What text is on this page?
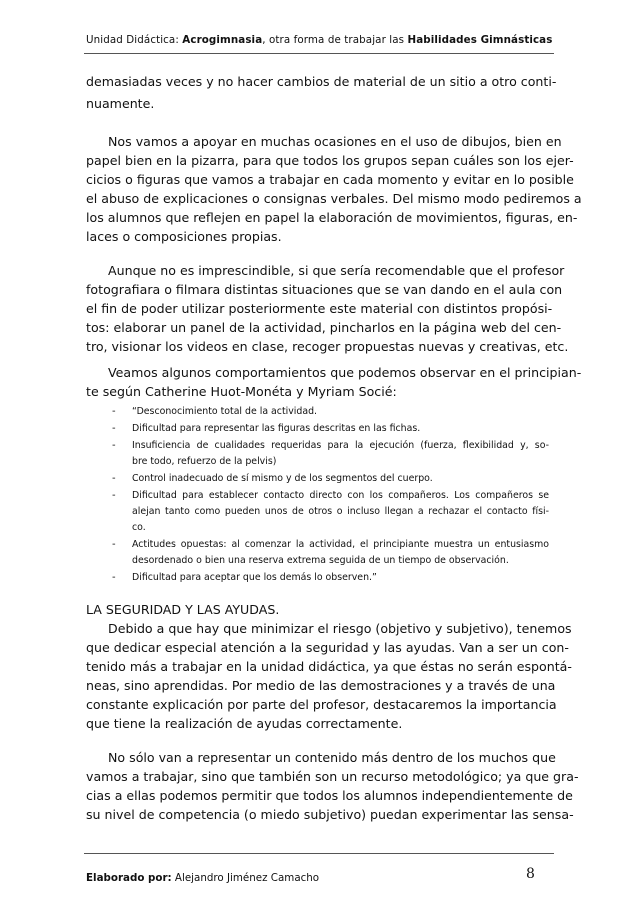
Unidad Didáctica: Acrogimnasia, otra forma de trabajar las Habilidades Gimnásticas
demasiadas veces y no hacer cambios de material de un sitio a otro conti-
nuamente.
Nos vamos a apoyar en muchas ocasiones en el uso de dibujos, bien en
papel bien en la pizarra, para que todos los grupos sepan cuáles son los ejer-
cicios o figuras que vamos a trabajar en cada momento y evitar en lo posible
el abuso de explicaciones o consignas verbales. Del mismo modo pediremos a
los alumnos que reflejen en papel la elaboración de movimientos, figuras, en-
laces o composiciones propias.
Aunque no es imprescindible, si que sería recomendable que el profesor
fotografiara o filmara distintas situaciones que se van dando en el aula con
el fin de poder utilizar posteriormente este material con distintos propósi-
tos: elaborar un panel de la actividad, pincharlos en la página web del cen-
tro, visionar los videos en clase, recoger propuestas nuevas y creativas, etc.
Veamos algunos comportamientos que podemos observar en el principian-
te según Catherine Huot-Monéta y Myriam Socié:
- “Desconocimiento total de la actividad.
- Dificultad para representar las figuras descritas en las fichas.
- Insuficiencia de cualidades requeridas para la ejecución (fuerza, flexibilidad y, so-
bre todo, refuerzo de la pelvis)
- Control inadecuado de sí mismo y de los segmentos del cuerpo.
- Dificultad para establecer contacto directo con los compañeros. Los compañeros se
alejan tanto como pueden unos de otros o incluso llegan a rechazar el contacto físi-
co.
- Actitudes opuestas: al comenzar la actividad, el principiante muestra un entusiasmo
desordenado o bien una reserva extrema seguida de un tiempo de observación.
- Dificultad para aceptar que los demás lo observen.”
LA SEGURIDAD Y LAS AYUDAS.
Debido a que hay que minimizar el riesgo (objetivo y subjetivo), tenemos
que dedicar especial atención a la seguridad y las ayudas. Van a ser un con-
tenido más a trabajar en la unidad didáctica, ya que éstas no serán espontá-
neas, sino aprendidas. Por medio de las demostraciones y a través de una
constante explicación por parte del profesor, destacaremos la importancia
que tiene la realización de ayudas correctamente.
No sólo van a representar un contenido más dentro de los muchos que
vamos a trabajar, sino que también son un recurso metodológico; ya que gra-
cias a ellas podemos permitir que todos los alumnos independientemente de
su nivel de competencia (o miedo subjetivo) puedan experimentar las sensa-
Elaborado por: Alejandro Jiménez Camacho	8
